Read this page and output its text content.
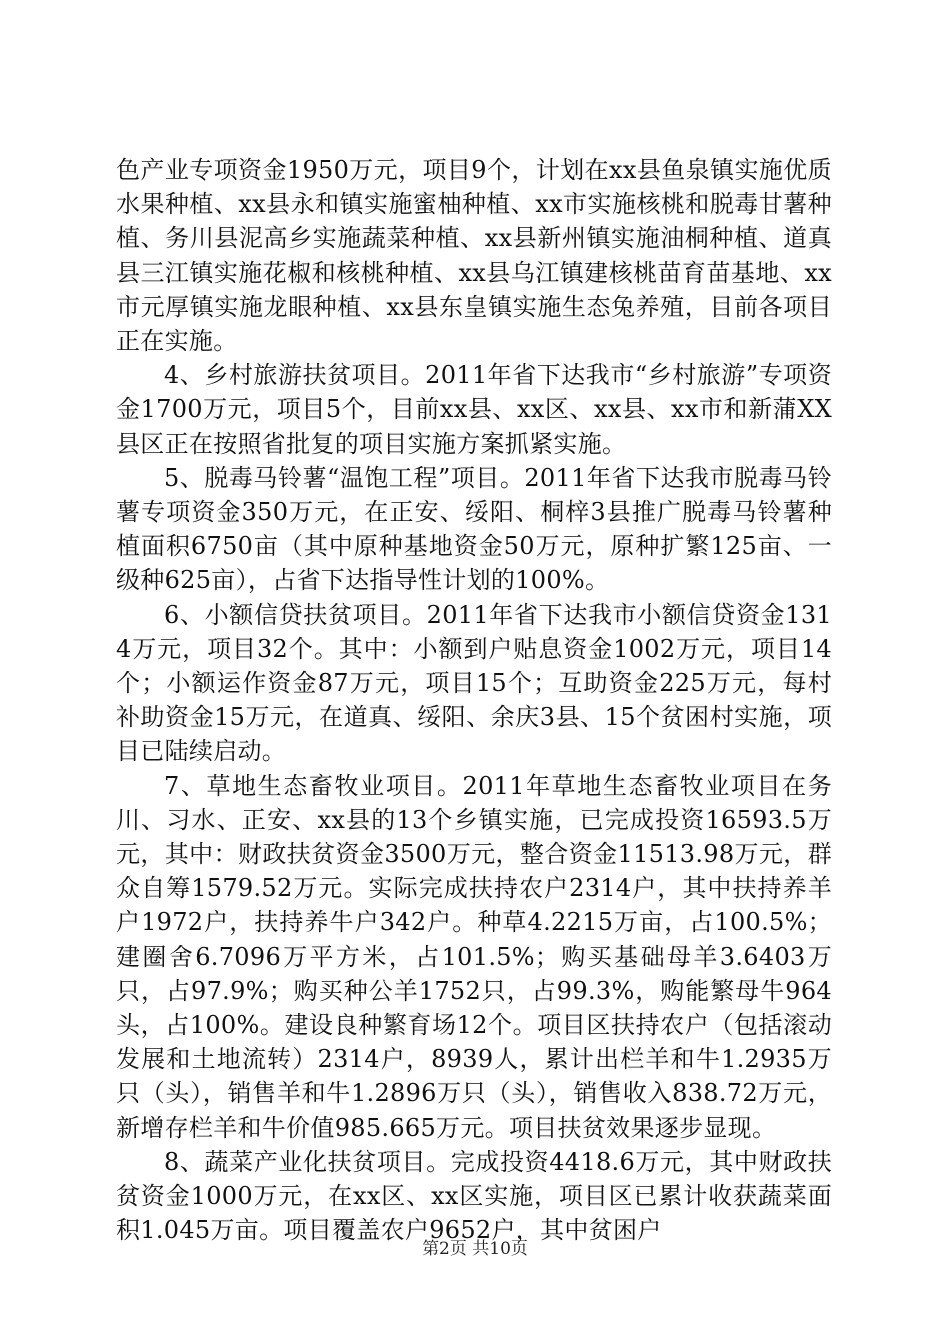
色产业专项资金1950万元，项目9个，计划在xx县鱼泉镇实施优质水果种植、xx县永和镇实施蜜柚种植、xx市实施核桃和脱毒甘薯种植、务川县泥高乡实施蔬菜种植、xx县新州镇实施油桐种植、道真县三江镇实施花椒和核桃种植、xx县乌江镇建核桃苗育苗基地、xx市元厚镇实施龙眼种植、xx县东皇镇实施生态兔养殖，目前各项目正在实施。

4、乡村旅游扶贫项目。2011年省下达我市“乡村旅游”专项资金1700万元，项目5个，目前xx县、xx区、xx县、xx市和新蒲XX县区正在按照省批复的项目实施方案抓紧实施。

5、脱毒马铃薯“温饱工程”项目。2011年省下达我市脱毒马铃薯专项资金350万元，在正安、绥阳、桐梓3县推广脱毒马铃薯种植面积6750亩（其中原种基地资金50万元，原种扩繁125亩、一级种625亩），占省下达指导性计划的100%。

6、小额信贷扶贫项目。2011年省下达我市小额信贷资金1314万元，项目32个。其中：小额到户贴息资金1002万元，项目14个；小额运作资金87万元，项目15个；互助资金225万元，每村补助资金15万元，在道真、绥阳、余庆3县、15个贫困村实施，项目已陆续启动。

7、草地生态畜牧业项目。2011年草地生态畜牧业项目在务川、习水、正安、xx县的13个乡镇实施，已完成投资16593.5万元，其中：财政扶贫资金3500万元，整合资金11513.98万元，群众自筹1579.52万元。实际完成扶持农户2314户，其中扶持养羊户1972户，扶持养牛户342户。种草4.2215万亩，占100.5%；建圈舍6.7096万平方米，占101.5%；购买基础母羊3.6403万只，占97.9%；购买种公羊1752只，占99.3%，购能繁母牛964头，占100%。建设良种繁育场12个。项目区扶持农户（包括滚动发展和土地流转）2314户，8939人，累计出栏羊和牛1.2935万只（头），销售羊和牛1.2896万只（头），销售收入838.72万元，新增存栏羊和牛价值985.665万元。项目扶贫效果逐步显现。

8、蔬菜产业化扶贫项目。完成投资4418.6万元，其中财政扶贫资金1000万元，在xx区、xx区实施，项目区已累计收获蔬菜面积1.045万亩。项目覆盖农户9652户，其中贫困户

第2页 共10页
